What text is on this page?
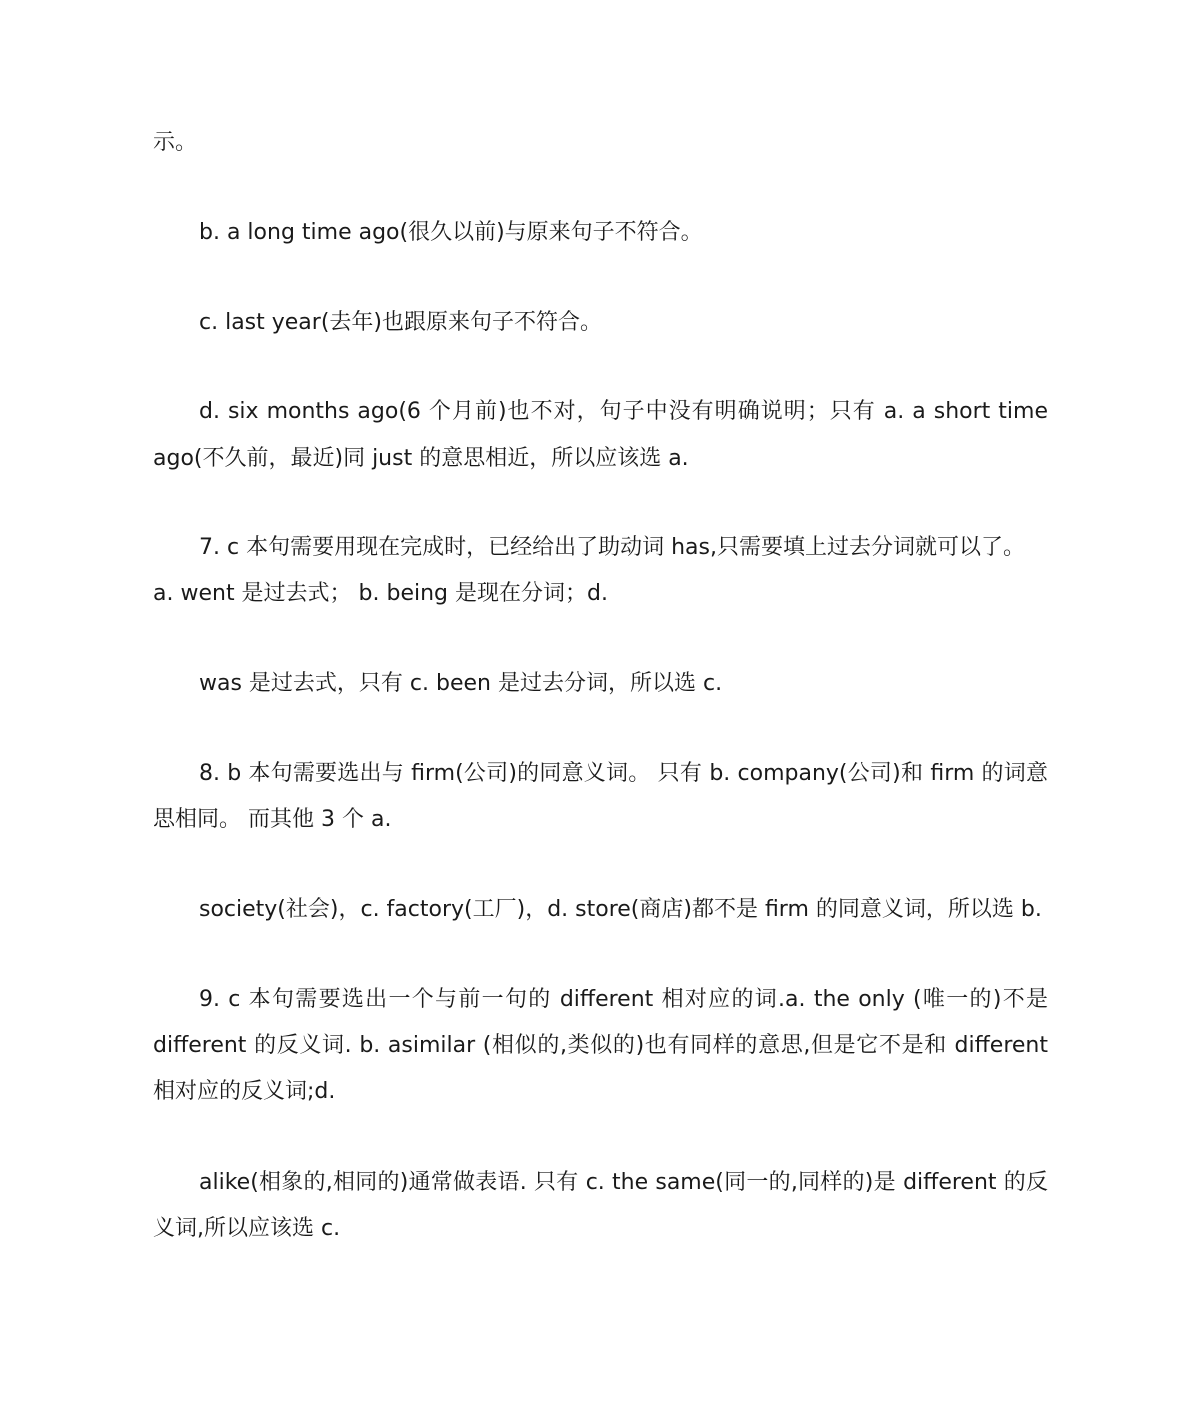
示。
b. a long time ago(很久以前)与原来句子不符合。
c. last year(去年)也跟原来句子不符合。
d. six months ago(6 个月前)也不对，句子中没有明确说明；只有 a. a short time
ago(不久前，最近)同 just 的意思相近，所以应该选 a.
7. c 本句需要用现在完成时，已经给出了助动词 has,只需要填上过去分词就可以了。
a. went 是过去式； b. being 是现在分词；d.
was 是过去式，只有 c. been 是过去分词，所以选 c.
8. b 本句需要选出与 firm(公司)的同意义词。 只有 b. company(公司)和 firm 的词意
思相同。 而其他 3 个 a.
society(社会)，c. factory(工厂)，d. store(商店)都不是 firm 的同意义词，所以选 b.
9. c 本句需要选出一个与前一句的 different 相对应的词.a. the only (唯一的)不是
different 的反义词. b. asimilar (相似的,类似的)也有同样的意思,但是它不是和 different
相对应的反义词;d.
alike(相象的,相同的)通常做表语. 只有 c. the same(同一的,同样的)是 different 的反
义词,所以应该选 c.
